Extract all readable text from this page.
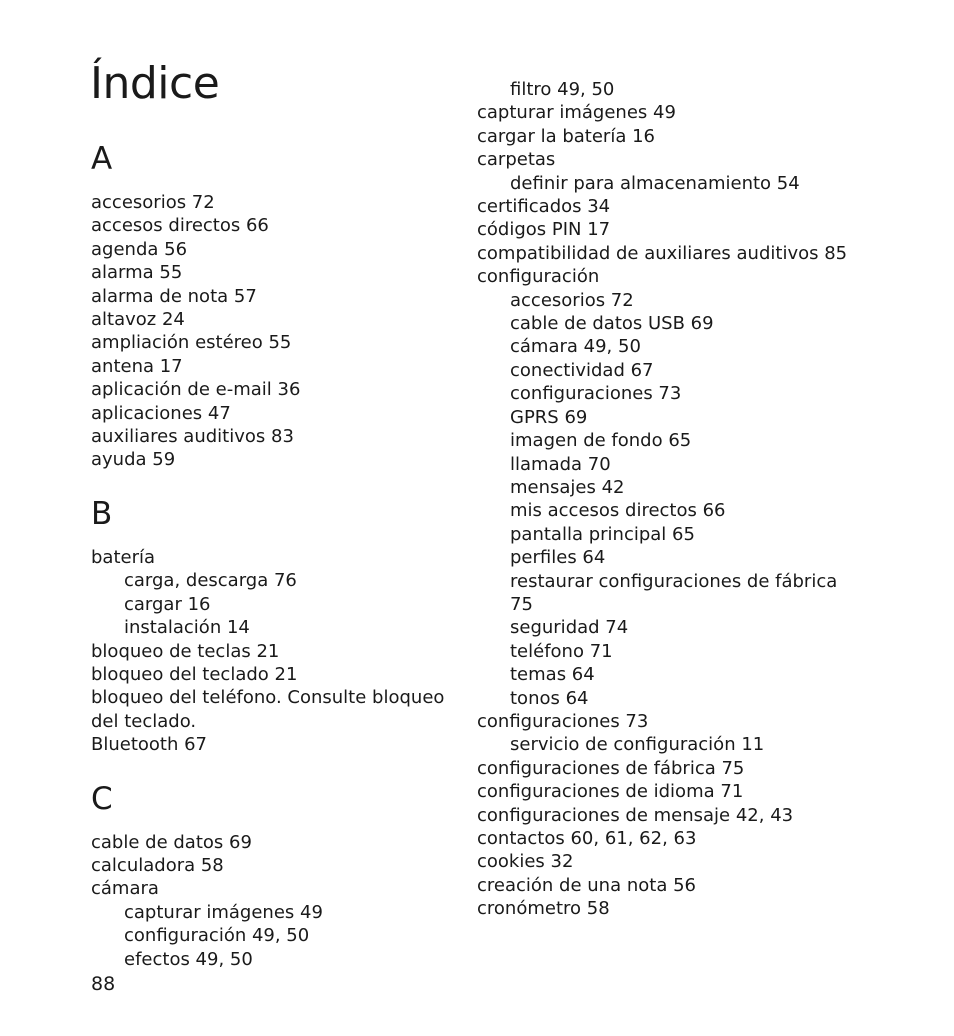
Índice
A
accesorios 72
accesos directos 66
agenda 56
alarma 55
alarma de nota 57
altavoz 24
ampliación estéreo 55
antena 17
aplicación de e-mail 36
aplicaciones 47
auxiliares auditivos 83
ayuda 59
B
batería
carga, descarga 76
cargar 16
instalación 14
bloqueo de teclas 21
bloqueo del teclado 21
bloqueo del teléfono. Consulte bloqueo del teclado.
Bluetooth 67
C
cable de datos 69
calculadora 58
cámara
capturar imágenes 49
configuración 49, 50
efectos 49, 50
filtro 49, 50
capturar imágenes 49
cargar la batería 16
carpetas
definir para almacenamiento 54
certificados 34
códigos PIN 17
compatibilidad de auxiliares auditivos 85
configuración
accesorios 72
cable de datos USB 69
cámara 49, 50
conectividad 67
configuraciones 73
GPRS 69
imagen de fondo 65
llamada 70
mensajes 42
mis accesos directos 66
pantalla principal 65
perfiles 64
restaurar configuraciones de fábrica 75
seguridad 74
teléfono 71
temas 64
tonos 64
configuraciones 73
servicio de configuración 11
configuraciones de fábrica 75
configuraciones de idioma 71
configuraciones de mensaje 42, 43
contactos 60, 61, 62, 63
cookies 32
creación de una nota 56
cronómetro 58
88
